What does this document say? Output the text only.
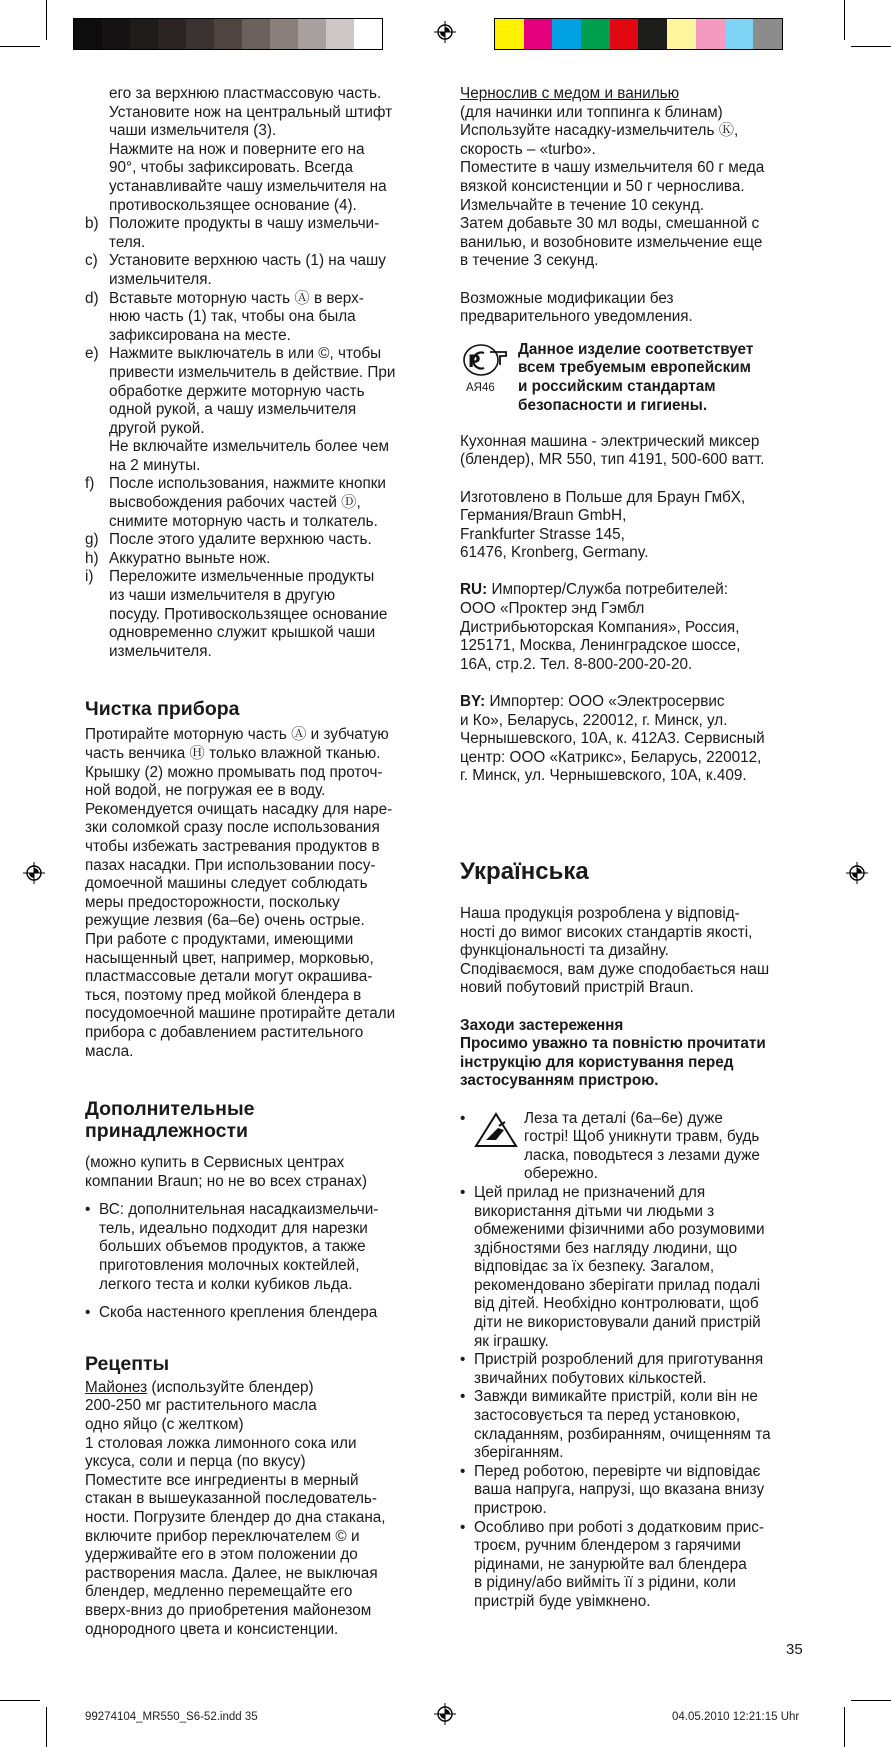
его за верхнюю пластмассовую часть.

Установите нож на центральный штифт

чаши измельчителя (3).

Нажмите на нож и поверните его на

90°, чтобы зафиксировать. Всегда

устанавливайте чашу измельчителя на

противоскользящее основание (4).

b) Положите продукты в чашу измельчи-
теля.
c) Установите верхнюю часть (1) на чашу
измельчителя.
d) Вставьте моторную часть Ⓐ в верх-
нюю часть (1) так, чтобы она была
зафиксирована на месте.
e) Нажмите выключатель в или ©, чтобы
привести измельчитель в действие. При
обработке держите моторную часть
одной рукой, а чашу измельчителя
другой рукой.
Не включайте измельчитель более чем
на 2 минуты.
f) После использования, нажмите кнопки
высвобождения рабочих частей Ⓓ,
снимите моторную часть и толкатель.
g) После этого удалите верхнюю часть.
h) Аккуратно выньте нож.
i) Переложите измельченные продукты
из чаши измельчителя в другую
посуду. Противоскользящее основание
одновременно служит крышкой чаши
измельчителя.
Чистка прибора

Протирайте моторную часть Ⓐ и зубчатую

часть венчика Ⓗ только влажной тканью.

Крышку (2) можно промывать под проточ-

ной водой, не погружая ее в воду.

Рекомендуется очищать насадку для наре-

зки соломкой сразу после использования

чтобы избежать застревания продуктов в

пазах насадки. При использовании посу-

домоечной машины следует соблюдать

меры предосторожности, поскольку

режущие лезвия (6а–6е) очень острые.

При работе с продуктами, имеющими

насыщенный цвет, например, морковью,

пластмассовые детали могут окрашива-

ться, поэтому пред мойкой блендера в

посудомоечной машине протирайте детали

прибора с добавлением растительного

масла.

Дополнительные
принадлежности

(можно купить в Сервисных центрах

компании Braun; но не во всех странах)

• ВС: дополнительная насадкаизмельчи-
тель, идеально подходит для нарезки
больших объемов продуктов, а также
приготовления молочных коктейлей,
легкого теста и колки кубиков льда.
• Скоба настенного крепления блендера
Рецепты

Майонез (используйте блендер)

200-250 мг растительного масла

одно яйцо (с желтком)

1 столовая ложка лимонного сока или

уксуса, соли и перца (по вкусу)

Поместите все ингредиенты в мерный

стакан в вышеуказанной последователь-

ности. Погрузите блендер до дна стакана,

включите прибор переключателем © и

удерживайте его в этом положении до

растворения масла. Далее, не выключая

блендер, медленно перемещайте его

вверх-вниз до приобретения майонезом

однородного цвета и консистенции.

Чернослив с медом и ванилью

(для начинки или топпинга к блинам)

Используйте насадку-измельчитель Ⓚ,

скорость – «turbo».

Поместите в чашу измельчителя 60 г меда

вязкой консистенции и 50 г чернослива.

Измельчайте в течение 10 секунд.

Затем добавьте 30 мл воды, смешанной с

ванилью, и возобновите измельчение еще

в течение 3 секунд.

Возможные модификации без

предварительного уведомления.

P
АЯ46

Данное изделие соответствует

всем требуемым европейским

и российским стандартам

безопасности и гигиены.

Кухонная машина - электрический миксер

(блендер), MR 550, тип 4191, 500-600 ватт.

Изготовлено в Польше для Браун ГмбХ,

Германия/Braun GmbH,

Frankfurter Strasse 145,

61476, Kronberg, Germany.

RU: Импортер/Служба потребителей:

ООО «Проктер энд Гэмбл

Дистрибьюторская Компания», Россия,

125171, Москва, Ленинградское шоссе,

16А, стр.2. Тел. 8-800-200-20-20.

BY: Импортер: ООО «Электросервис

и Ко», Беларусь, 220012, г. Минск, ул.

Чернышевского, 10А, к. 412А3. Сервисный

центр: ООО «Катрикс», Беларусь, 220012,

г. Минск, ул. Чернышевского, 10А, к.409.

Українська

Наша продукція розроблена у відповід-

ності до вимог високих стандартів якості,

функціональності та дизайну.

Сподіваємося, вам дуже сподобається наш

новий побутовий пристрій Braun.

Заходи застереження

Просимо уважно та повністю прочитати

інструкцію для користування перед

застосуванням пристрою.

•	Леза та деталі (6а–6е) дуже

гострі! Щоб уникнути травм, будь

ласка, поводьтеся з лезами дуже

обережно.

• Цей прилад не призначений для
використання дітьми чи людьми з
обмеженими фізичними або розумовими
здібностями без нагляду людини, що
відповідає за їх безпеку. Загалом,
рекомендовано зберігати прилад подалі
від дітей. Необхідно контролювати, щоб
діти не використовували даний пристрій
як іграшку.
• Пристрій розроблений для приготування
звичайних побутових кількостей.
• Завжди вимикайте пристрій, коли він не
застосовується та перед установкою,
складанням, розбиранням, очищенням та
зберіганням.
• Перед роботою, перевірте чи відповідає
ваша напруга, напрузі, що вказана внизу
пристрою.
• Особливо при роботі з додатковим прис-
троєм, ручним блендером з гарячими
рідинами, не занурюйте вал блендера
в рідину/або вийміть її з рідини, коли
пристрій буде увімкнено.
35
99274104_MR550_S6-52.indd 35	04.05.2010 12:21:15 Uhr
